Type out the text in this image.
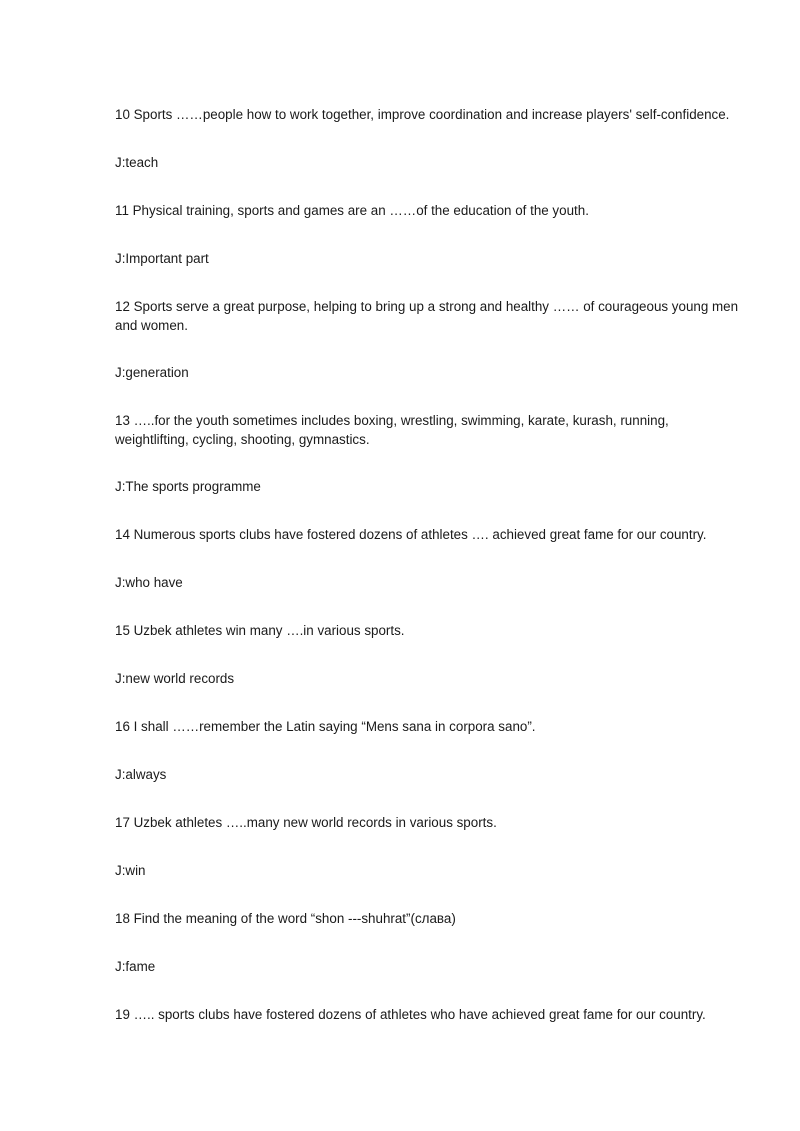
10 Sports ……people how to work together, improve coordination and increase players' self-confidence.
J:teach
11 Physical training, sports and games are an ……of the education of the youth.
J:Important part
12 Sports serve a great purpose, helping to bring up a strong and healthy …… of courageous young men and women.
J:generation
13 …..for the youth sometimes includes boxing, wrestling, swimming, karate, kurash, running, weightlifting, cycling, shooting, gymnastics.
J:The sports programme
14 Numerous sports clubs have fostered dozens of athletes …. achieved great fame for our country.
J:who have
15 Uzbek athletes win many ….in various sports.
J:new world records
16 I shall ……remember the Latin saying “Mens sana in corpora sano”.
J:always
17 Uzbek athletes …..many new world records in various sports.
J:win
18 Find the meaning of the word “shon ---shuhrat”(слава)
J:fame
19 ….. sports clubs have fostered dozens of athletes who have achieved great fame for our country.
